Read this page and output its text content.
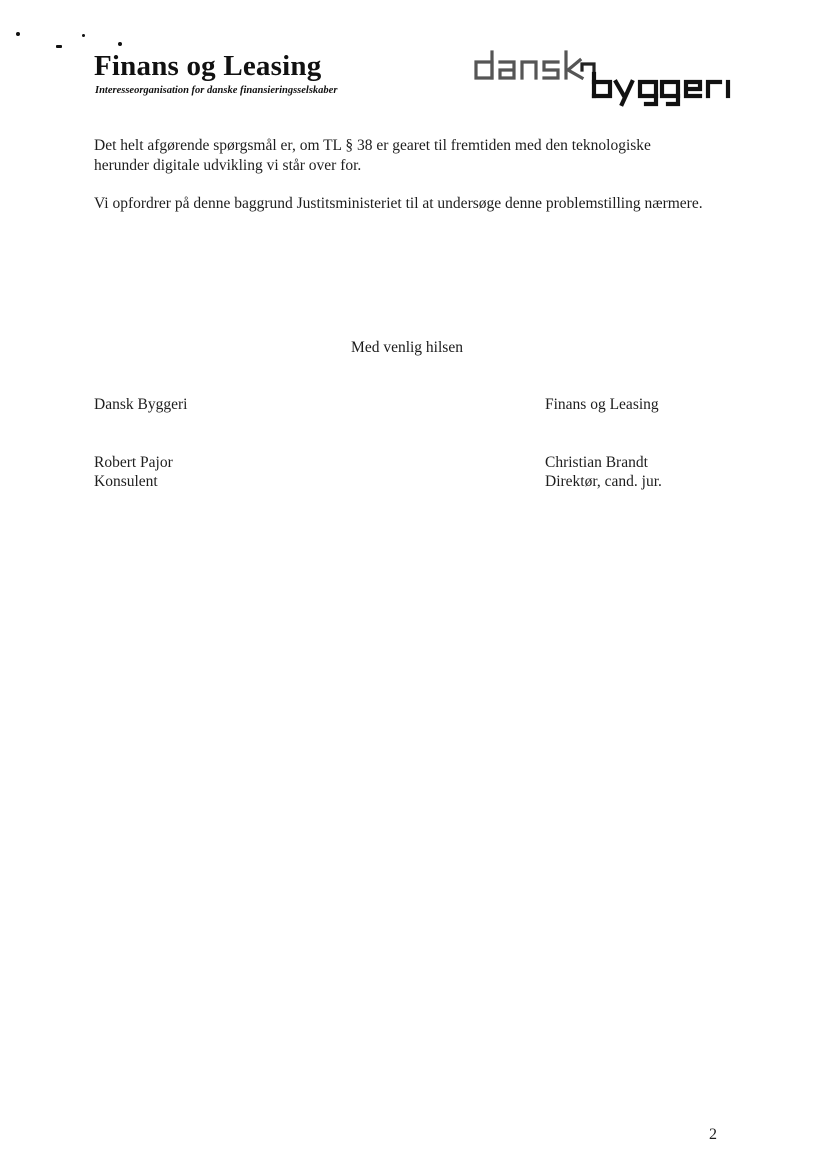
Finans og Leasing
Interesseorganisation for danske finansieringsselskaber
Det helt afgørende spørgsmål er, om TL § 38 er gearet til fremtiden med den teknologiske herunder digitale udvikling vi står over for.
Vi opfordrer på denne baggrund Justitsministeriet til at undersøge denne problemstilling nærmere.
Med venlig hilsen
Dansk Byggeri	Finans og Leasing
Robert Pajor	Christian Brandt
Konsulent	Direktør, cand. jur.
2
